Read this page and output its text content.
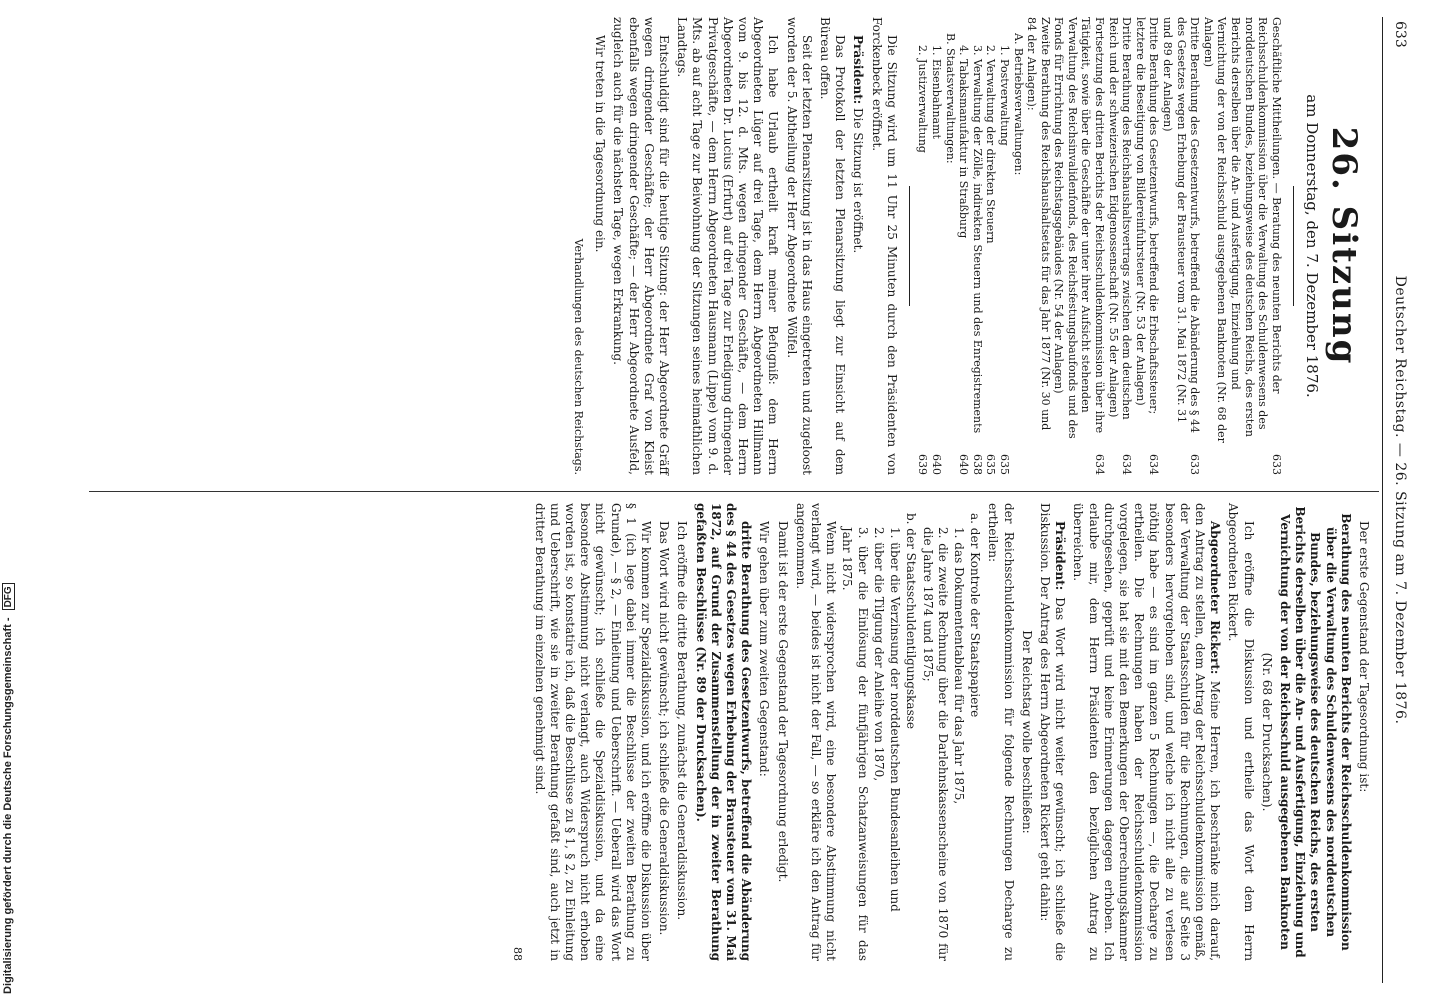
633
Deutscher Reichstag. — 26. Sitzung am 7. Dezember 1876.
26. Sitzung
am Donnerstag, den 7. Dezember 1876.
Geschäftliche Mittheilungen. — Beratung des neunten Berichts der Reichsschuldenkommission über die Verwaltung des Schuldenwesens des norddeutschen Bundes, beziehungsweise des deutschen Reichs, des ersten Berichts derselben über die An- und Ausfertigung, Einziehung und Vernichtung der von der Reichsschuld ausgegebenen Banknoten (Nr. 68 der Anlagen)	633
Dritte Berathung des Gesetzentwurfs, betreffend die Abänderung des § 44 des Gesetzes wegen Erhebung der Brausteuer vom 31. Mai 1872 (Nr. 31 und 89 der Anlagen)	633
Dritte Berathung des Gesetzentwurfs, betreffend die Erbschaftssteuer; letztere die Beseitigung von Bildereinfuhrsteuer (Nr. 53 der Anlagen)	634
Dritte Berathung des Reichshaushaltsvertrags zwischen dem deutschen Reich und der schweizerischen Eidgenossenschaft (Nr. 55 der Anlagen)	634
Fortsetzung des dritten Berichts der Reichsschuldenkommission über ihre Tätigkeit, sowie über die Geschäfte der unter ihrer Aufsicht stehenden Verwaltung des Reichsinvalidenfonds, des Reichsfestungsbaufonds und des Fonds für Errichtung des Reichstagsgebäudes (Nr. 54 der Anlagen)	634
Zweite Berathung des Reichshaushaltsetats für das Jahr 1877 (Nr. 30 und 84 der Anlagen):	
A. Betriebsverwaltungen:	
1. Postverwaltung	635
2. Verwaltung der direkten Steuern	635
3. Verwaltung der Zölle, indirekten Steuern und des Enregistrements	638
4. Tabaksmanufaktur in Straßburg	640
B. Staatsverwaltungen:	
1. Eisenbahnamt	640
2. Justizverwaltung	639

Die Sitzung wird um 11 Uhr 25 Minuten durch den Präsidenten von Forckenbeck eröffnet.

Präsident: Die Sitzung ist eröffnet.

Das Protokoll der letzten Plenarsitzung liegt zur Einsicht auf dem Büreau offen.

Seit der letzten Plenarsitzung ist in das Haus eingetreten und zugeloost worden der 5. Abtheilung der Herr Abgeordnete Wölfel.

Ich habe Urlaub ertheilt kraft meiner Befugniß: dem Herrn Abgeordneten Lüger auf drei Tage, dem Herrn Abgeordneten Hillmann vom 9. bis 12. d. Mts. wegen dringender Geschäfte, — dem Herrn Abgeordneten Dr. Lucius (Erfurt) auf drei Tage zur Erledigung dringender Privatgeschäfte, — dem Herrn Abgeordneten Hausmann (Lippe) vom 9. d. Mts. ab auf acht Tage zur Beiwohnung der Sitzungen seines heimathlichen Landtags.

Entschuldigt sind für die heutige Sitzung: der Herr Abgeordnete Gräff wegen dringender Geschäfte; der Herr Abgeordnete Graf von Kleist ebenfalls wegen dringender Geschäfte; — der Herr Abgeordnete Ausfeld, zugleich auch für die nächsten Tage, wegen Erkrankung.

Wir treten in die Tagesordnung ein.

Verhandlungen des deutschen Reichstags.

Der erste Gegenstand der Tagesordnung ist:

Berathung des neunten Berichts der Reichsschuldenkommission über die Verwaltung des Schuldenwesens des norddeutschen Bundes, beziehungsweise des deutschen Reichs, des ersten Berichts derselben über die An- und Ausfertigung, Einziehung und Vernichtung der von der Reichsschuld ausgegebenen Banknoten

(Nr. 68 der Drucksachen).

Ich eröffne die Diskussion und ertheile das Wort dem Herrn Abgeordneten Rickert.

Abgeordneter Rickert: Meine Herren, ich beschränke mich darauf, den Antrag zu stellen, dem Antrag der Reichsschuldenkommission gemäß, der Verwaltung der Staatsschulden für die Rechnungen, die auf Seite 3 besonders hervorgehoben sind, und welche ich nicht alle zu verlesen nöthig habe — es sind im ganzen 5 Rechnungen —, die Decharge zu ertheilen. Die Rechnungen haben der Reichsschuldenkommission vorgelegen, sie hat sie mit den Bemerkungen der Oberrechnungskammer durchgesehen, geprüft und keine Erinnerungen dagegen erhoben. Ich erlaube mir, dem Herrn Präsidenten den bezüglichen Antrag zu überreichen.

Präsident: Das Wort wird nicht weiter gewünscht; ich schließe die Diskussion. Der Antrag des Herrn Abgeordneten Rickert geht dahin:

Der Reichstag wolle beschließen:

der Reichsschuldenkommission für folgende Rechnungen Decharge zu ertheilen:

a. der Kontrole der Staatspapiere
1. das Dokumententableau für das Jahr 1875,
2. die zweite Rechnung über die Darlehnskassenscheine von 1870 für die Jahre 1874 und 1875;
b. der Staatsschuldentilgungskasse
1. über die Verzinsung der norddeutschen Bundesanleihen und
2. über die Tilgung der Anleihe von 1870,
3. über die Einlösung der fünfjährigen Schatzanweisungen für das Jahr 1875.

Wenn nicht widersprochen wird, eine besondere Abstimmung nicht verlangt wird, — beides ist nicht der Fall, — so erkläre ich den Antrag für angenommen.

Damit ist der erste Gegenstand der Tagesordnung erledigt.

Wir gehen über zum zweiten Gegenstand:

dritte Berathung des Gesetzentwurfs, betreffend die Abänderung des § 44 des Gesetzes wegen Erhebung der Brausteuer vom 31. Mai 1872, auf Grund der Zusammenstellung der in zweiter Berathung gefaßten Beschlüsse (Nr. 89 der Drucksachen).

Ich eröffne die dritte Berathung, zunächst die Generaldiskussion.

Das Wort wird nicht gewünscht; ich schließe die Generaldiskussion.

Wir kommen zur Spezialdiskussion, und ich eröffne die Diskussion über § 1 (ich lege dabei immer die Beschlüsse der zweiten Berathung zu Grunde), — § 2, — Einleitung und Ueberschrift. — Ueberall wird das Wort nicht gewünscht; ich schließe die Spezialdiskussion, und da eine besondere Abstimmung nicht verlangt, auch Widerspruch nicht erhoben worden ist, so konstatire ich, daß die Beschlüsse zu § 1, § 2, zu Einleitung und Ueberschrift, wie sie in zweiter Berathung gefaßt sind, auch jetzt in dritter Berathung im einzelnen genehmigt sind.

88

Digitalisierung gefördert durch die Deutsche Forschungsgemeinschaft - DFG
